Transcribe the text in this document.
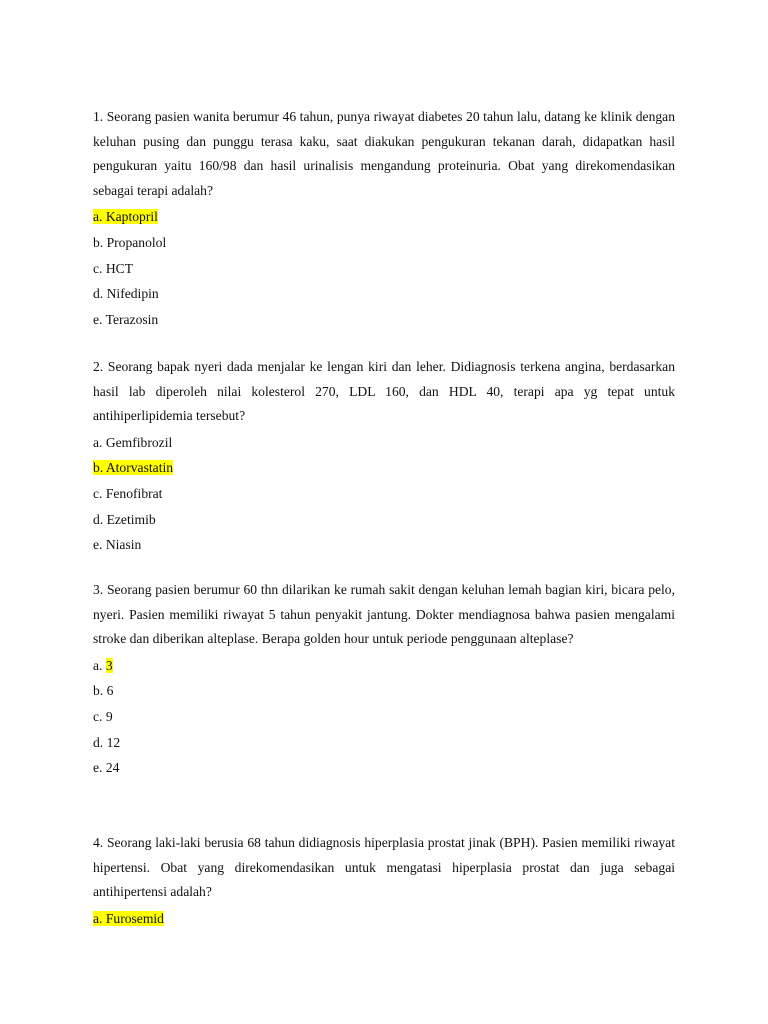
1. Seorang pasien wanita berumur 46 tahun, punya riwayat diabetes 20 tahun lalu, datang ke klinik dengan keluhan pusing dan punggu terasa kaku, saat diakukan pengukuran tekanan darah, didapatkan hasil pengukuran yaitu 160/98 dan hasil urinalisis mengandung proteinuria. Obat yang direkomendasikan sebagai terapi adalah?

a. Kaptopril
b. Propanolol
c. HCT
d. Nifedipin
e. Terazosin

2. Seorang bapak nyeri dada menjalar ke lengan kiri dan leher. Didiagnosis terkena angina, berdasarkan hasil lab diperoleh nilai kolesterol 270, LDL 160, dan HDL 40, terapi apa yg tepat untuk antihiperlipidemia tersebut?

a. Gemfibrozil
b. Atorvastatin
c. Fenofibrat
d. Ezetimib
e. Niasin

3. Seorang pasien berumur 60 thn dilarikan ke rumah sakit dengan keluhan lemah bagian kiri, bicara pelo, nyeri. Pasien memiliki riwayat 5 tahun penyakit jantung. Dokter mendiagnosa bahwa pasien mengalami stroke dan diberikan alteplase. Berapa golden hour untuk periode penggunaan alteplase?

a. 3
b. 6
c. 9
d. 12
e. 24

4. Seorang laki-laki berusia 68 tahun didiagnosis hiperplasia prostat jinak (BPH). Pasien memiliki riwayat hipertensi. Obat yang direkomendasikan untuk mengatasi hiperplasia prostat dan juga sebagai antihipertensi adalah?

a. Furosemid
